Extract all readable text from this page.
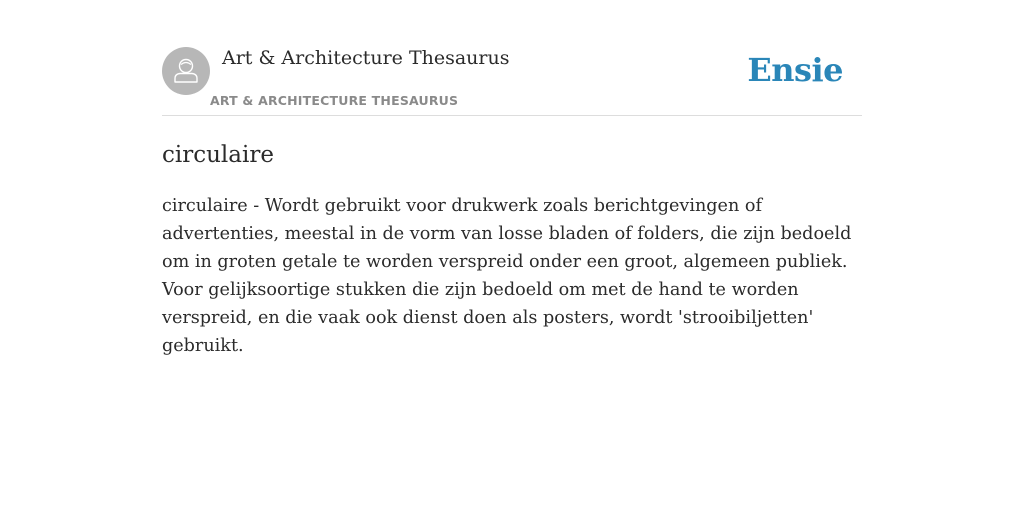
Art & Architecture Thesaurus
ART & ARCHITECTURE THESAURUS
Ensie
circulaire

circulaire - Wordt gebruikt voor drukwerk zoals berichtgevingen of advertenties, meestal in de vorm van losse bladen of folders, die zijn bedoeld om in groten getale te worden verspreid onder een groot, algemeen publiek. Voor gelijksoortige stukken die zijn bedoeld om met de hand te worden verspreid, en die vaak ook dienst doen als posters, wordt 'strooibiljetten' gebruikt.
